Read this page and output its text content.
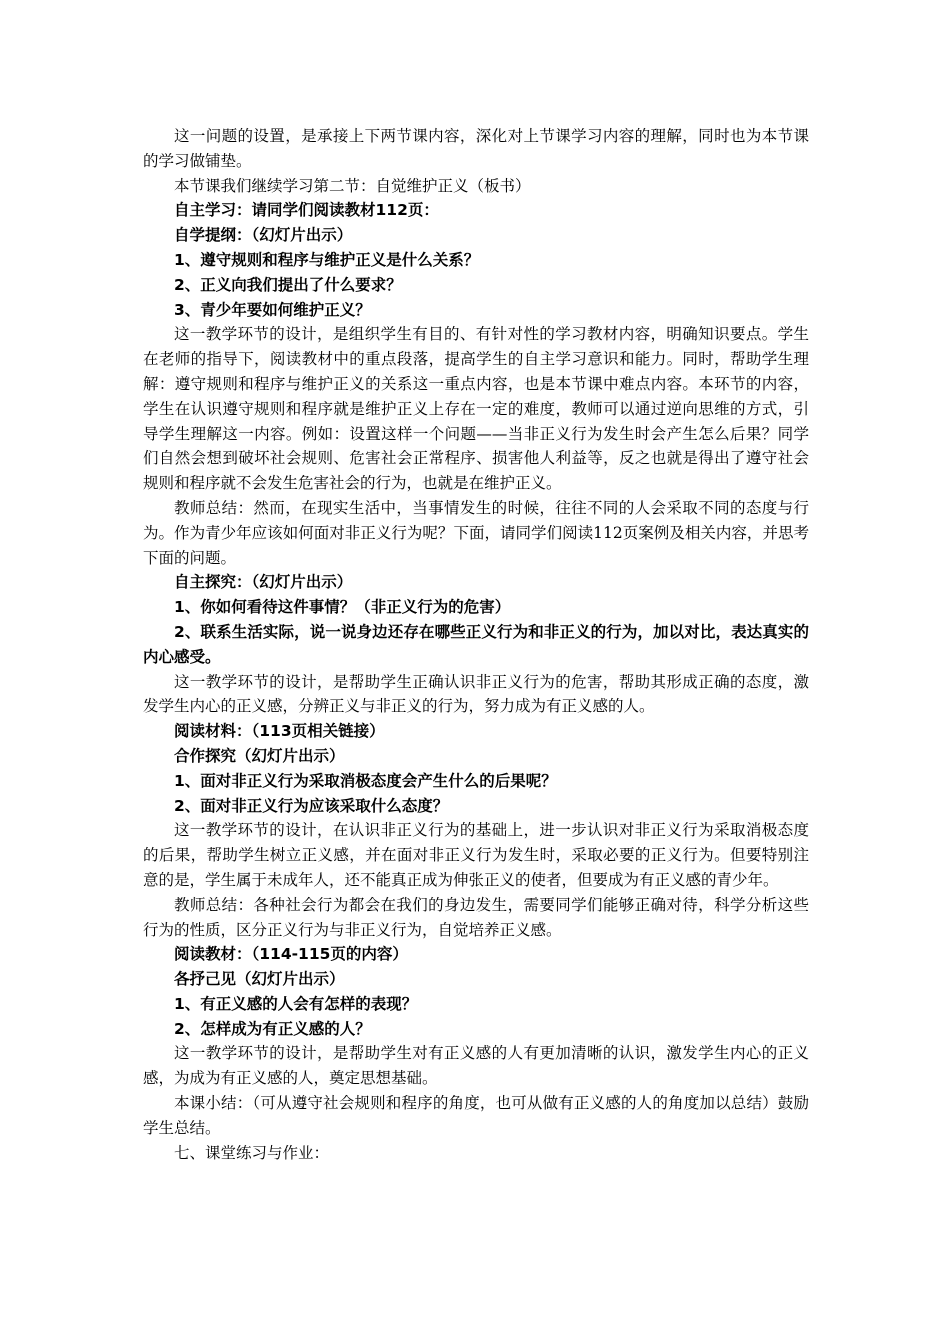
这一问题的设置，是承接上下两节课内容，深化对上节课学习内容的理解，同时也为本节课的学习做铺垫。

本节课我们继续学习第二节：自觉维护正义（板书）

自主学习：请同学们阅读教材112页：

自学提纲：（幻灯片出示）

1、遵守规则和程序与维护正义是什么关系？

2、正义向我们提出了什么要求？

3、青少年要如何维护正义？

这一教学环节的设计，是组织学生有目的、有针对性的学习教材内容，明确知识要点。学生在老师的指导下，阅读教材中的重点段落，提高学生的自主学习意识和能力。同时，帮助学生理解：遵守规则和程序与维护正义的关系这一重点内容，也是本节课中难点内容。本环节的内容，学生在认识遵守规则和程序就是维护正义上存在一定的难度，教师可以通过逆向思维的方式，引导学生理解这一内容。例如：设置这样一个问题——当非正义行为发生时会产生怎么后果？同学们自然会想到破坏社会规则、危害社会正常程序、损害他人利益等，反之也就是得出了遵守社会规则和程序就不会发生危害社会的行为，也就是在维护正义。

教师总结：然而，在现实生活中，当事情发生的时候，往往不同的人会采取不同的态度与行为。作为青少年应该如何面对非正义行为呢？下面，请同学们阅读112页案例及相关内容，并思考下面的问题。

自主探究：（幻灯片出示）

1、你如何看待这件事情？（非正义行为的危害）

2、联系生活实际，说一说身边还存在哪些正义行为和非正义的行为，加以对比，表达真实的内心感受。

这一教学环节的设计，是帮助学生正确认识非正义行为的危害，帮助其形成正确的态度，激发学生内心的正义感，分辨正义与非正义的行为，努力成为有正义感的人。

阅读材料：（113页相关链接）

合作探究（幻灯片出示）

1、面对非正义行为采取消极态度会产生什么的后果呢？

2、面对非正义行为应该采取什么态度？

这一教学环节的设计，在认识非正义行为的基础上，进一步认识对非正义行为采取消极态度的后果，帮助学生树立正义感，并在面对非正义行为发生时，采取必要的正义行为。但要特别注意的是，学生属于未成年人，还不能真正成为伸张正义的使者，但要成为有正义感的青少年。

教师总结：各种社会行为都会在我们的身边发生，需要同学们能够正确对待，科学分析这些行为的性质，区分正义行为与非正义行为，自觉培养正义感。

阅读教材：（114-115页的内容）

各抒己见（幻灯片出示）

1、有正义感的人会有怎样的表现？

2、怎样成为有正义感的人？

这一教学环节的设计，是帮助学生对有正义感的人有更加清晰的认识，激发学生内心的正义感，为成为有正义感的人，奠定思想基础。

本课小结：（可从遵守社会规则和程序的角度，也可从做有正义感的人的角度加以总结）鼓励学生总结。

七、课堂练习与作业：
